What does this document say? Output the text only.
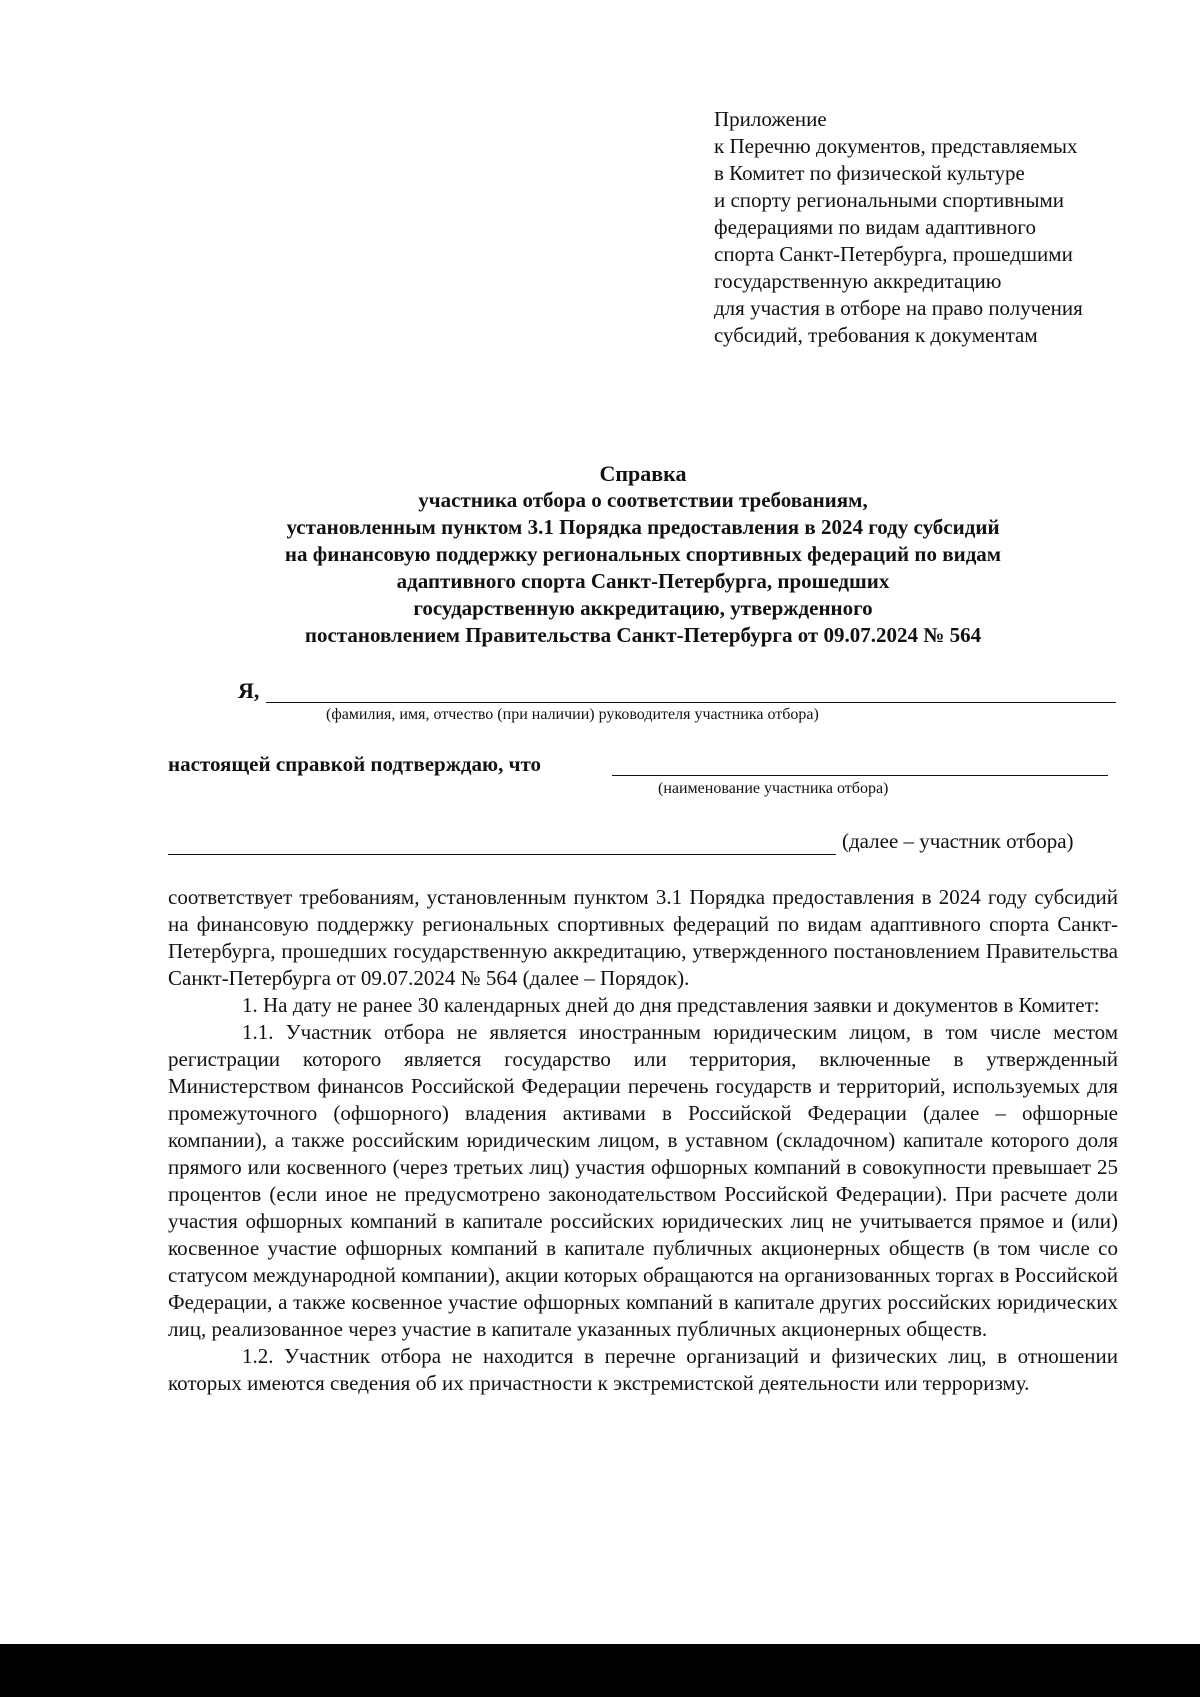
Приложение
к Перечню документов, представляемых
в Комитет по физической культуре
и спорту региональными спортивными
федерациями по видам адаптивного
спорта Санкт-Петербурга, прошедшими
государственную аккредитацию
для участия в отборе на право получения
субсидий, требования к документам
Справка
участника отбора о соответствии требованиям,
установленным пунктом 3.1 Порядка предоставления в 2024 году субсидий
на финансовую поддержку региональных спортивных федераций по видам
адаптивного спорта Санкт-Петербурга, прошедших
государственную аккредитацию, утвержденного
постановлением Правительства Санкт-Петербурга от 09.07.2024 № 564
Я,
(фамилия, имя, отчество (при наличии) руководителя участника отбора)
настоящей справкой подтверждаю, что
(наименование участника отбора)
(далее – участник отбора)

соответствует требованиям, установленным пунктом 3.1 Порядка предоставления в 2024 году субсидий на финансовую поддержку региональных спортивных федераций по видам адаптивного спорта Санкт-Петербурга, прошедших государственную аккредитацию, утвержденного постановлением Правительства Санкт-Петербурга от 09.07.2024 № 564 (далее – Порядок).

1. На дату не ранее 30 календарных дней до дня представления заявки и документов в Комитет:

1.1. Участник отбора не является иностранным юридическим лицом, в том числе местом регистрации которого является государство или территория, включенные в утвержденный Министерством финансов Российской Федерации перечень государств и территорий, используемых для промежуточного (офшорного) владения активами в Российской Федерации (далее – офшорные компании), а также российским юридическим лицом, в уставном (складочном) капитале которого доля прямого или косвенного (через третьих лиц) участия офшорных компаний в совокупности превышает 25 процентов (если иное не предусмотрено законодательством Российской Федерации). При расчете доли участия офшорных компаний в капитале российских юридических лиц не учитывается прямое и (или) косвенное участие офшорных компаний в капитале публичных акционерных обществ (в том числе со статусом международной компании), акции которых обращаются на организованных торгах в Российской Федерации, а также косвенное участие офшорных компаний в капитале других российских юридических лиц, реализованное через участие в капитале указанных публичных акционерных обществ.

1.2. Участник отбора не находится в перечне организаций и физических лиц, в отношении которых имеются сведения об их причастности к экстремистской деятельности или терроризму.
